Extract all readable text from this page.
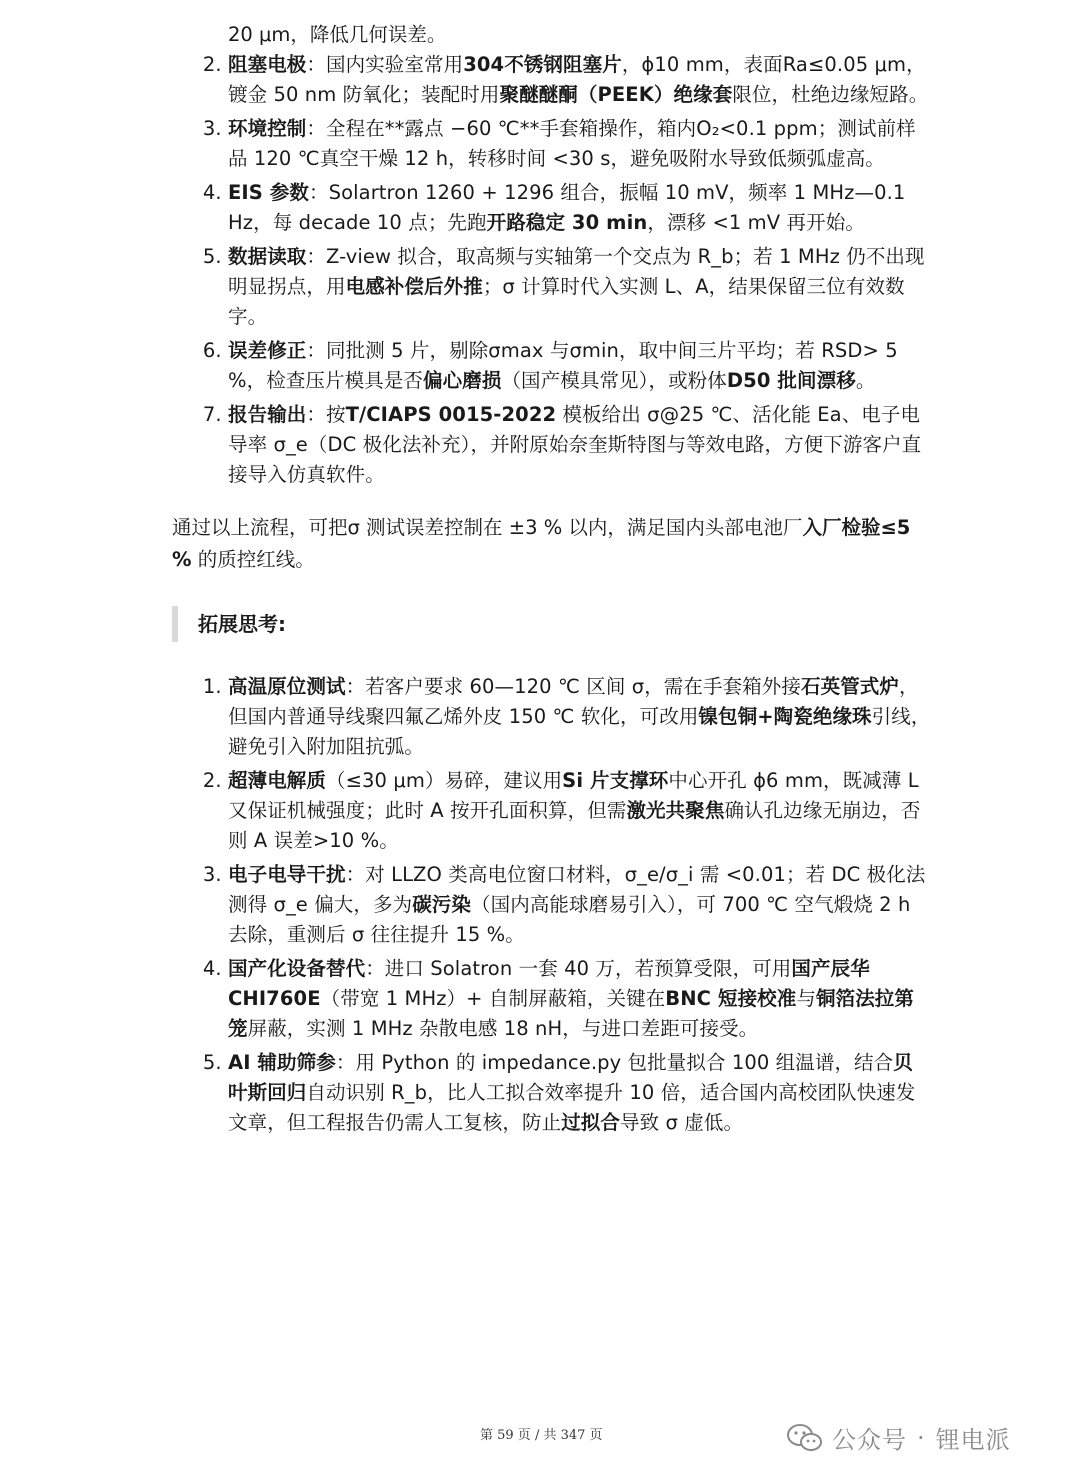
20 μm，降低几何误差。
2. 阻塞电极：国内实验室常用304不锈钢阻塞片，ϕ10 mm，表面Ra≤0.05 μm，镀金 50 nm 防氧化；装配时用聚醚醚酮（PEEK）绝缘套限位，杜绝边缘短路。
3. 环境控制：全程在**露点 −60 ℃**手套箱操作，箱内O₂<0.1 ppm；测试前样品 120 ℃真空干燥 12 h，转移时间 <30 s，避免吸附水导致低频弧虚高。
4. EIS 参数：Solartron 1260 + 1296 组合，振幅 10 mV，频率 1 MHz—0.1 Hz，每 decade 10 点；先跑开路稳定 30 min，漂移 <1 mV 再开始。
5. 数据读取：Z-view 拟合，取高频与实轴第一个交点为 R_b；若 1 MHz 仍不出现明显拐点，用电感补偿后外推；σ 计算时代入实测 L、A，结果保留三位有效数字。
6. 误差修正：同批测 5 片，剔除σmax 与σmin，取中间三片平均；若 RSD> 5 %，检查压片模具是否偏心磨损（国产模具常见），或粉体D50 批间漂移。
7. 报告输出：按T/CIAPS 0015-2022 模板给出 σ@25 ℃、活化能 Ea、电子电导率 σ_e（DC 极化法补充），并附原始奈奎斯特图与等效电路，方便下游客户直接导入仿真软件。

通过以上流程，可把σ 测试误差控制在 ±3 % 以内，满足国内头部电池厂入厂检验≤5 % 的质控红线。

拓展思考:
1. 高温原位测试：若客户要求 60—120 ℃ 区间 σ，需在手套箱外接石英管式炉，但国内普通导线聚四氟乙烯外皮 150 ℃ 软化，可改用镍包铜+陶瓷绝缘珠引线，避免引入附加阻抗弧。
2. 超薄电解质（≤30 μm）易碎，建议用Si 片支撑环中心开孔 ϕ6 mm，既减薄 L 又保证机械强度；此时 A 按开孔面积算，但需激光共聚焦确认孔边缘无崩边，否则 A 误差>10 %。
3. 电子电导干扰：对 LLZO 类高电位窗口材料，σ_e/σ_i 需 <0.01；若 DC 极化法测得 σ_e 偏大，多为碳污染（国内高能球磨易引入），可 700 ℃ 空气煅烧 2 h 去除，重测后 σ 往往提升 15 %。
4. 国产化设备替代：进口 Solatron 一套 40 万，若预算受限，可用国产辰华 CHI760E（带宽 1 MHz）+ 自制屏蔽箱，关键在BNC 短接校准与铜箔法拉第笼屏蔽，实测 1 MHz 杂散电感 18 nH，与进口差距可接受。
5. AI 辅助筛参：用 Python 的 impedance.py 包批量拟合 100 组温谱，结合贝叶斯回归自动识别 R_b，比人工拟合效率提升 10 倍，适合国内高校团队快速发文章，但工程报告仍需人工复核，防止过拟合导致 σ 虚低。
第 59 页 / 共 347 页	公众号 · 锂电派
